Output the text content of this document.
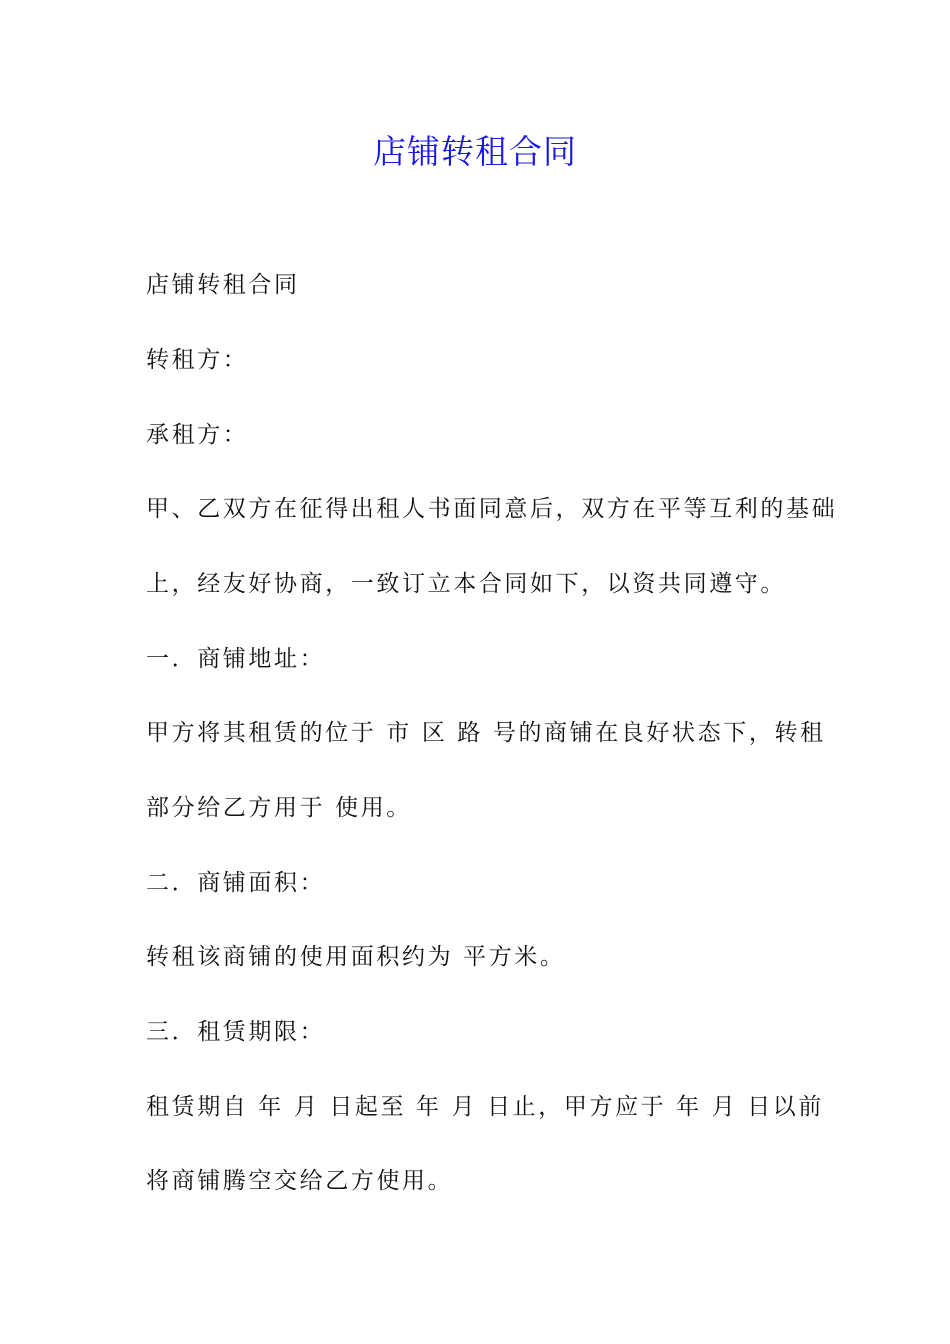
店铺转租合同

店铺转租合同

转租方：

承租方：

甲、乙双方在征得出租人书面同意后，双方在平等互利的基础

上，经友好协商，一致订立本合同如下，以资共同遵守。

一．商铺地址：

甲方将其租赁的位于 市 区 路 号的商铺在良好状态下，转租

部分给乙方用于 使用。

二．商铺面积：

转租该商铺的使用面积约为 平方米。

三．租赁期限：

租赁期自 年 月 日起至 年 月 日止，甲方应于 年 月 日以前

将商铺腾空交给乙方使用。
